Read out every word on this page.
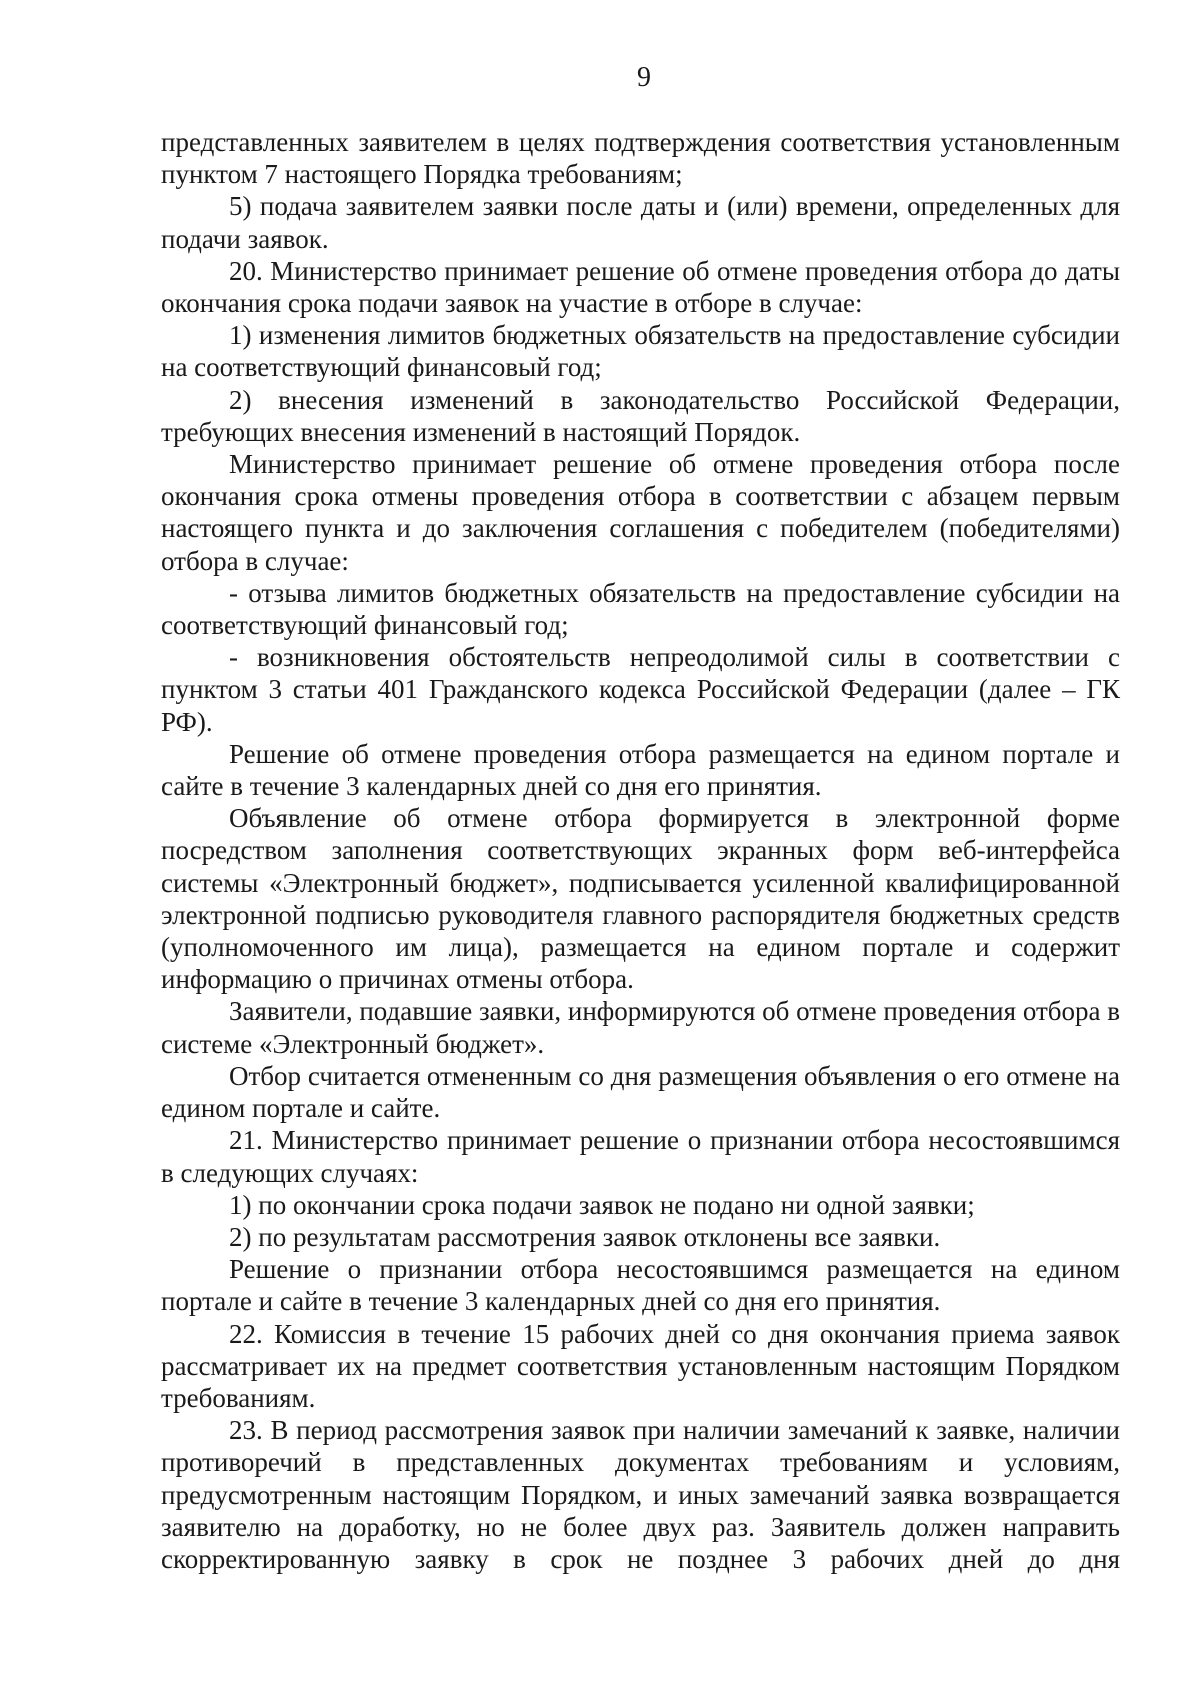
9

представленных заявителем в целях подтверждения соответствия установленным пунктом 7 настоящего Порядка требованиям;

5) подача заявителем заявки после даты и (или) времени, определенных для подачи заявок.

20. Министерство принимает решение об отмене проведения отбора до даты окончания срока подачи заявок на участие в отборе в случае:

1) изменения лимитов бюджетных обязательств на предоставление субсидии на соответствующий финансовый год;

2) внесения изменений в законодательство Российской Федерации, требующих внесения изменений в настоящий Порядок.

Министерство принимает решение об отмене проведения отбора после окончания срока отмены проведения отбора в соответствии с абзацем первым настоящего пункта и до заключения соглашения с победителем (победителями) отбора в случае:

- отзыва лимитов бюджетных обязательств на предоставление субсидии на соответствующий финансовый год;

- возникновения обстоятельств непреодолимой силы в соответствии с пунктом 3 статьи 401 Гражданского кодекса Российской Федерации (далее – ГК РФ).

Решение об отмене проведения отбора размещается на едином портале и сайте в течение 3 календарных дней со дня его принятия.

Объявление об отмене отбора формируется в электронной форме посредством заполнения соответствующих экранных форм веб-интерфейса системы «Электронный бюджет», подписывается усиленной квалифицированной электронной подписью руководителя главного распорядителя бюджетных средств (уполномоченного им лица), размещается на едином портале и содержит информацию о причинах отмены отбора.

Заявители, подавшие заявки, информируются об отмене проведения отбора в системе «Электронный бюджет».

Отбор считается отмененным со дня размещения объявления о его отмене на едином портале и сайте.

21. Министерство принимает решение о признании отбора несостоявшимся в следующих случаях:

1) по окончании срока подачи заявок не подано ни одной заявки;

2) по результатам рассмотрения заявок отклонены все заявки.

Решение о признании отбора несостоявшимся размещается на едином портале и сайте в течение 3 календарных дней со дня его принятия.

22. Комиссия в течение 15 рабочих дней со дня окончания приема заявок рассматривает их на предмет соответствия установленным настоящим Порядком требованиям.

23. В период рассмотрения заявок при наличии замечаний к заявке, наличии противоречий в представленных документах требованиям и условиям, предусмотренным настоящим Порядком, и иных замечаний заявка возвращается заявителю на доработку, но не более двух раз. Заявитель должен направить скорректированную заявку в срок не позднее 3 рабочих дней до дня
